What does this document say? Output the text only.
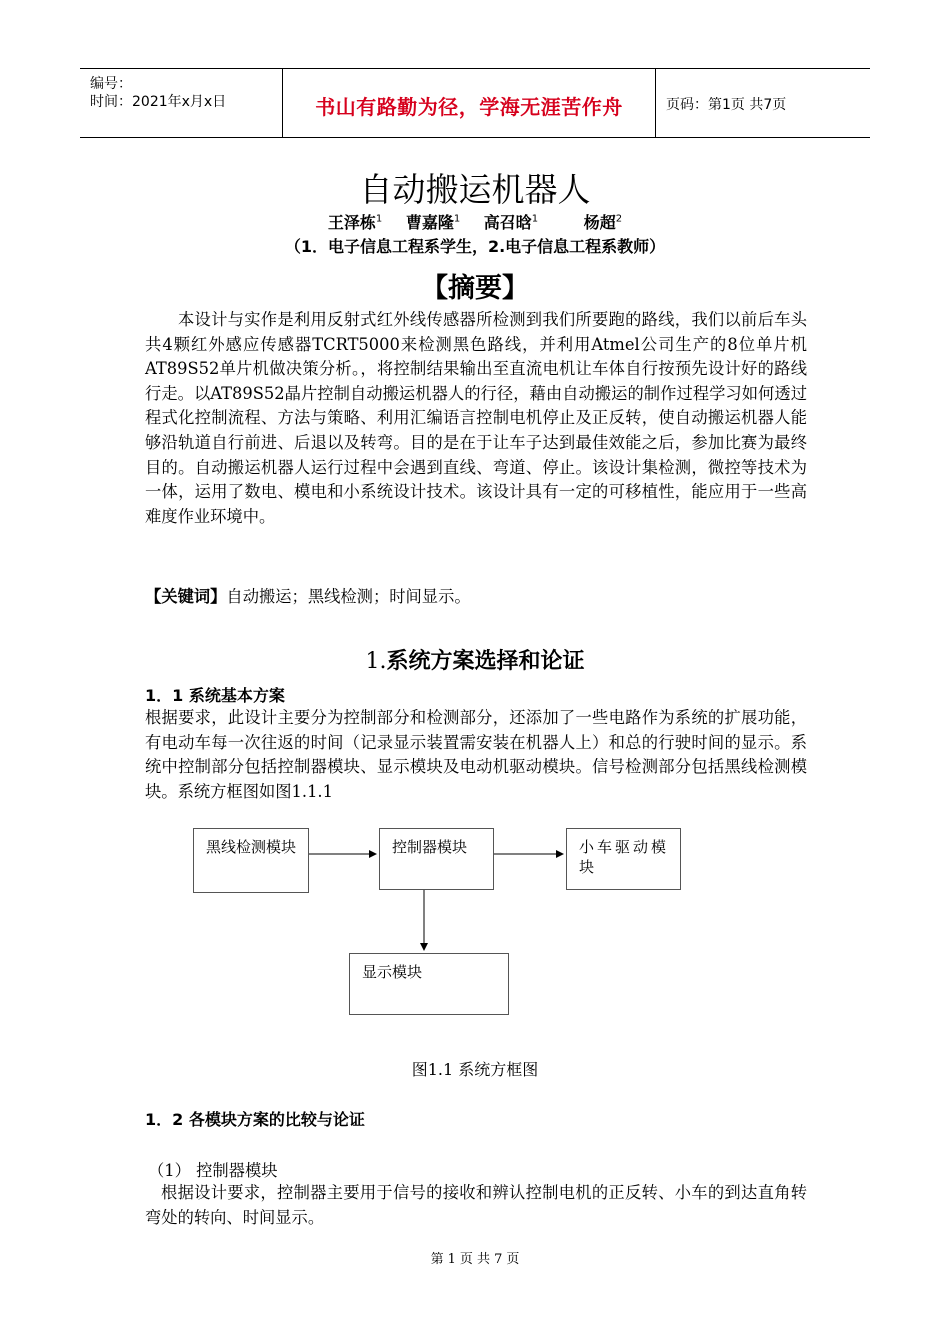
编号：
时间：2021年x月x日	书山有路勤为径，学海无涯苦作舟	页码：第1页 共7页
自动搬运机器人
王泽栋$^1$ 曹嘉隆$^1$ 高召晗$^1$	杨超$^2$
（1．电子信息工程系学生，2.电子信息工程系教师）
【摘要】
本设计与实作是利用反射式红外线传感器所检测到我们所要跑的路线，我们以前后车头共4颗红外感应传感器TCRT5000来检测黑色路线，并利用Atmel公司生产的8位单片机AT89S52单片机做决策分析。，将控制结果输出至直流电机让车体自行按预先设计好的路线行走。以AT89S52晶片控制自动搬运机器人的行径，藉由自动搬运的制作过程学习如何透过程式化控制流程、方法与策略、利用汇编语言控制电机停止及正反转，使自动搬运机器人能够沿轨道自行前进、后退以及转弯。目的是在于让车子达到最佳效能之后，参加比赛为最终目的。自动搬运机器人运行过程中会遇到直线、弯道、停止。该设计集检测，微控等技术为一体，运用了数电、模电和小系统设计技术。该设计具有一定的可移植性，能应用于一些高难度作业环境中。
【关键词】自动搬运；黑线检测；时间显示。
1.系统方案选择和论证
1．1 系统基本方案
根据要求，此设计主要分为控制部分和检测部分，还添加了一些电路作为系统的扩展功能，有电动车每一次往返的时间（记录显示装置需安装在机器人上）和总的行驶时间的显示。系统中控制部分包括控制器模块、显示模块及电动机驱动模块。信号检测部分包括黑线检测模块。系统方框图如图1.1.1
黑线检测模块	控制器模块	小车驱动模块
显示模块
图1.1 系统方框图
1．2 各模块方案的比较与论证
（1） 控制器模块
根据设计要求，控制器主要用于信号的接收和辨认控制电机的正反转、小车的到达直角转弯处的转向、时间显示。
第 1 页 共 7 页
